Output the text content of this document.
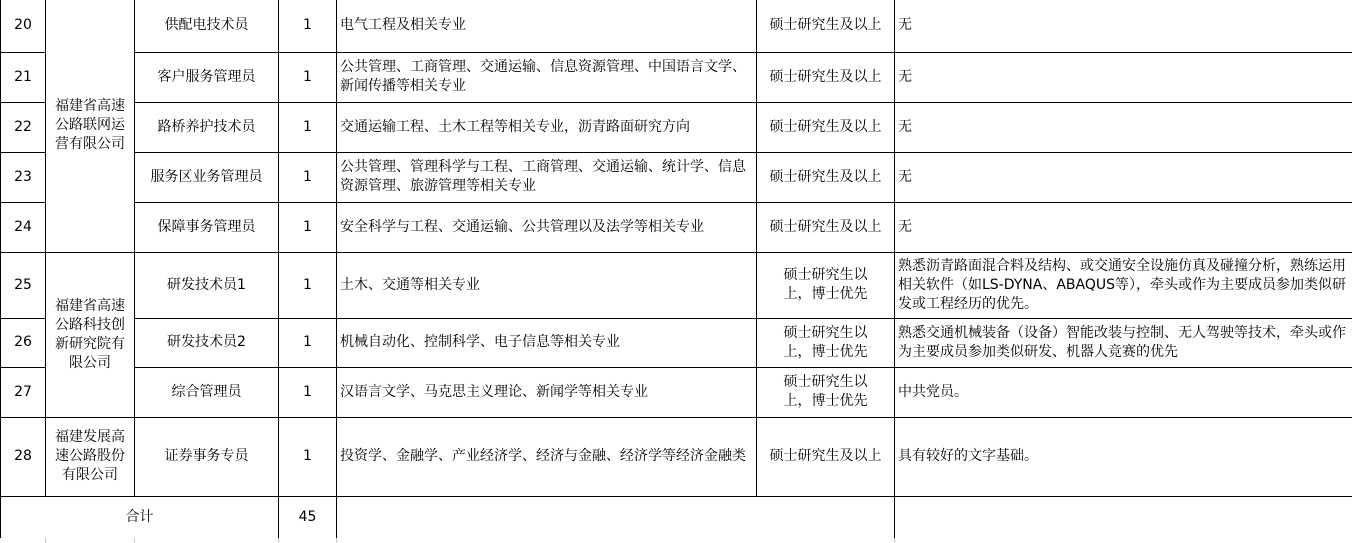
20	福建省高速公路联网运营有限公司	供配电技术员	1	电气工程及相关专业	硕士研究生及以上	无
21		客户服务管理员	1	公共管理、工商管理、交通运输、信息资源管理、中国语言文学、新闻传播等相关专业	硕士研究生及以上	无
22		路桥养护技术员	1	交通运输工程、土木工程等相关专业，沥青路面研究方向	硕士研究生及以上	无
23		服务区业务管理员	1	公共管理、管理科学与工程、工商管理、交通运输、统计学、信息资源管理、旅游管理等相关专业	硕士研究生及以上	无
24		保障事务管理员	1	安全科学与工程、交通运输、公共管理以及法学等相关专业	硕士研究生及以上	无
25	福建省高速公路科技创新研究院有限公司	研发技术员1	1	土木、交通等相关专业	硕士研究生以上，博士优先	熟悉沥青路面混合料及结构、或交通安全设施仿真及碰撞分析，熟练运用相关软件（如LS-DYNA、ABAQUS等），牵头或作为主要成员参加类似研发或工程经历的优先。
26		研发技术员2	1	机械自动化、控制科学、电子信息等相关专业	硕士研究生以上，博士优先	熟悉交通机械装备（设备）智能改装与控制、无人驾驶等技术，牵头或作为主要成员参加类似研发、机器人竞赛的优先
27		综合管理员	1	汉语言文学、马克思主义理论、新闻学等相关专业	硕士研究生以上，博士优先	中共党员。
28	福建发展高速公路股份有限公司	证券事务专员	1	投资学、金融学、产业经济学、经济与金融、经济学等经济金融类	硕士研究生及以上	具有较好的文字基础。
合计			45			
